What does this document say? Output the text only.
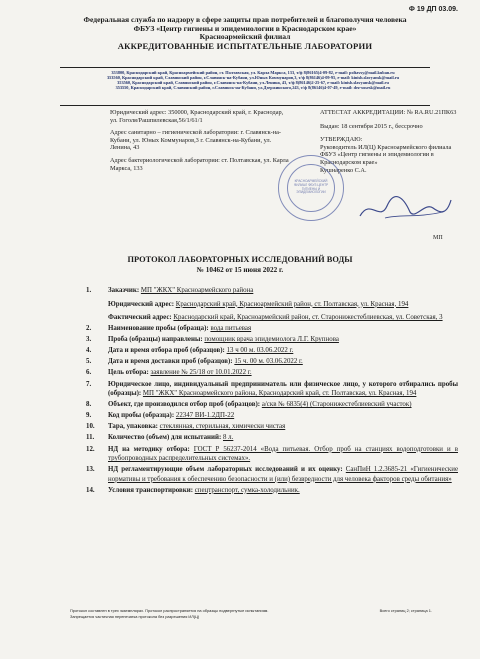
Ф 19 ДП 03.09.
Федеральная служба по надзору в сфере защиты прав потребителей и благополучия человека
ФБУЗ «Центр гигиены и эпидемиологии в Краснодарском крае»
Красноармейский филиал
АККРЕДИТОВАННЫЕ ИСПЫТАТЕЛЬНЫЕ ЛАБОРАТОРИИ
353800, Краснодарский край, Красноармейский район, ст. Полтавская, ул. Карла Маркса, 133, т/ф 8(86165)4-09-82, e-mail: poltavsy@mail.kuban.ru
353560, Краснодарский край, Славянский район, г.Славянск-на-Кубани, ул.Юных Коммунаров,3, т/ф 8(86146)4-09-95, e-mail: kinish.slavyansk@mail.ru
353560, Краснодарский край, Славянский район, г.Славянск-на-Кубани, ул.Ленина, 43, т/ф 8(86146)2-25-67, e-mail: kinish.slavyansk@mail.ru
353550, Краснодарский край, Славянский район, г.Славянск-на-Кубани, ул.Дзержинского,243, т/ф 8(86146)4-07-49, e-mail: dez-ussesk@mail.ru

Юридический адрес: 350000, Краснодарский край, г. Краснодар, ул. Гоголя/Рашпилевская,56/1/61/1

Адрес санитарно – гигиенической лаборатории: г. Славянск-на-Кубани, ул. Юных Коммунаров,3 г. Славянск-на-Кубани, ул. Ленина, 43

Адрес бактериологической лаборатории: ст. Полтавская, ул. Карла Маркса, 133

АТТЕСТАТ АККРЕДИТАЦИИ: № RA.RU.21ПК63

Выдан: 18 сентября 2015 г., бессрочно

УТВЕРЖДАЮ:

Руководитель ИЛ(Ц) Красноармейского филиала ФБУЗ «Центр гигиены и эпидемиологии в Краснодарском крае»

Кушнаренко С.А.

КРАСНОАРМЕЙСКИЙ ФИЛИАЛ ФБУЗ ЦЕНТР ГИГИЕНЫ И ЭПИДЕМИОЛОГИИ
МП
ПРОТОКОЛ ЛАБОРАТОРНЫХ ИССЛЕДОВАНИЙ ВОДЫ
№ 10462 от 15 июня 2022 г.
1. Заказчик: МП "ЖКХ" Красноармейского района
Юридический адрес: Краснодарский край, Красноармейский район, ст. Полтавская, ул. Красная, 194
Фактический адрес: Краснодарский край, Красноармейский район, ст. Старонижестеблиевская, ул. Советская, 3
2. Наименование пробы (образца): вода питьевая
3. Проба (образцы) направлены: помощник врача эпидемиолога Л.Г. Крупнова
4. Дата и время отбора проб (образцов): 13 ч 00 м. 03.06.2022 г.
5. Дата и время доставки проб (образцов): 15 ч. 00 м. 03.06.2022 г.
6. Цель отбора: заявление № 25/18 от 10.01.2022 г.
7. Юридическое лицо, индивидуальный предприниматель или физическое лицо, у которого отбирались пробы (образцы): МП "ЖКХ" Красноармейского района, Краснодарский край, ст. Полтавская, ул. Красная, 194
8. Объект, где производился отбор проб (образцов): а/скв № 6835(4) (Старонижестеблиевский участок)
9. Код пробы (образца): 22347 ВИ-1.2ДП-22
10. Тара, упаковка: стеклянная, стерильная, химически чистая
11. Количество (объем) для испытаний: 8 л.
12. НД на методику отбора: ГОСТ Р 56237-2014 «Вода питьевая. Отбор проб на станциях водоподготовки и в трубопроводных распределительных системах».
13. НД регламентирующие объем лабораторных исследований и их оценку: СанПиН 1.2.3685-21 «Гигиенические нормативы и требования к обеспечению безопасности и (или) безвредности для человека факторов среды обитания»
14. Условия транспортировки: спецтранспорт, сумка-холодильник.
Протокол составлен в трех экземплярах. Протокол распространяется на образцы подвергнутые испытаниям.
Запрещается частичная перепечатка протокола без разрешения ИЛ(Ц)
Всего страниц 2; страница 1.
